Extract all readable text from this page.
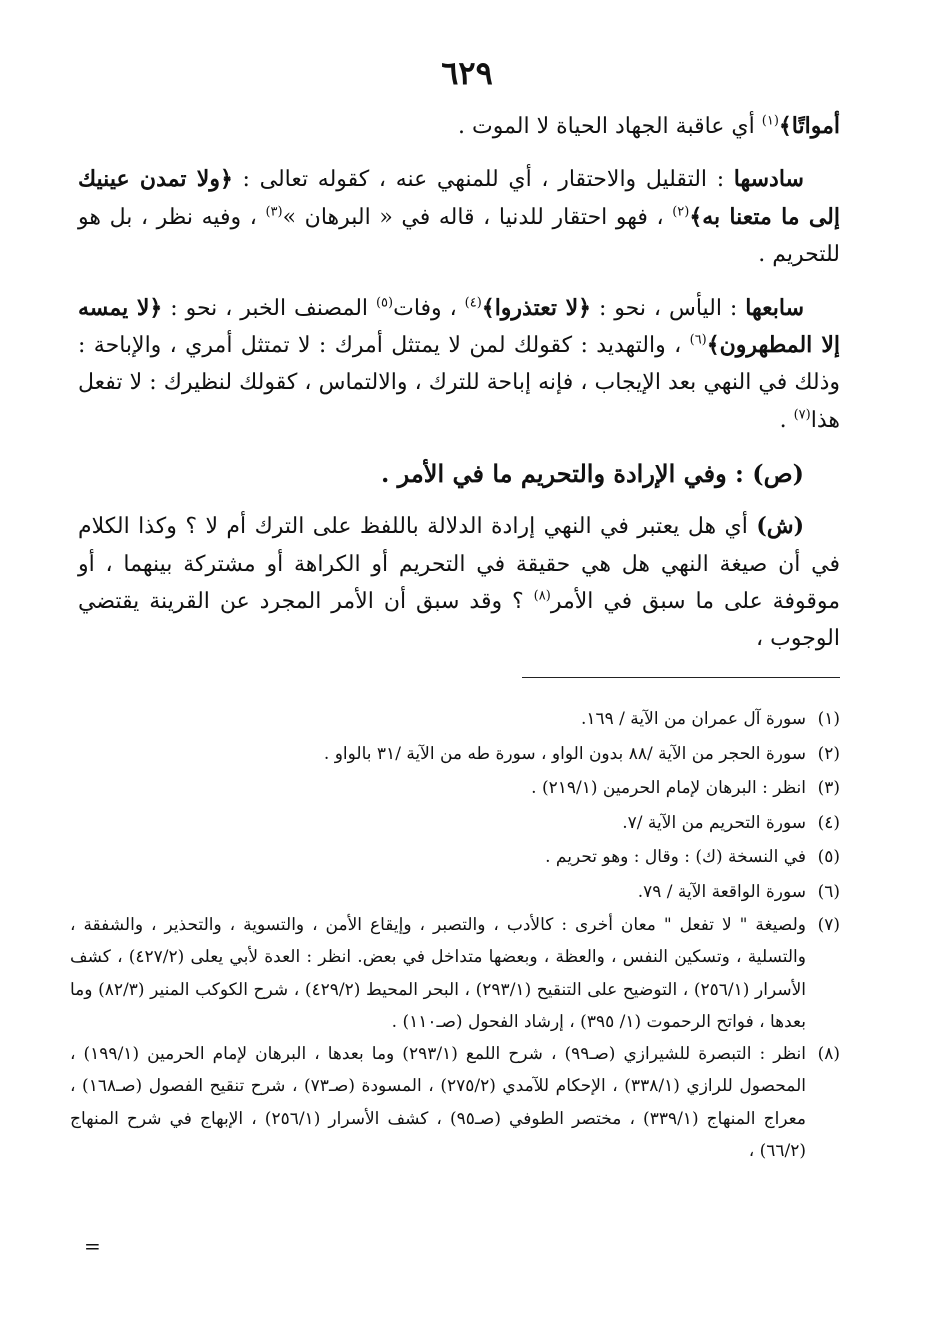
٦٢٩

أمواتًا﴾$^{(١)}$ أي عاقبة الجهاد الحياة لا الموت .

سادسها : التقليل والاحتقار ، أي للمنهي عنه ، كقوله تعالى : ﴿ولا تمدن عينيك إلى ما متعنا به﴾$^{(٢)}$ ، فهو احتقار للدنيا ، قاله في « البرهان »$^{(٣)}$ ، وفيه نظر ، بل هو للتحريم .

سابعها : اليأس ، نحو : ﴿لا تعتذروا﴾$^{(٤)}$ ، وفات$^{(٥)}$ المصنف الخبر ، نحو : ﴿لا يمسه إلا المطهرون﴾$^{(٦)}$ ، والتهديد : كقولك لمن لا يمتثل أمرك : لا تمتثل أمري ، والإباحة : وذلك في النهي بعد الإيجاب ، فإنه إباحة للترك ، والالتماس ، كقولك لنظيرك : لا تفعل هذا$^{(٧)}$ .

(ص) : وفي الإرادة والتحريم ما في الأمر .

(ش) أي هل يعتبر في النهي إرادة الدلالة باللفظ على الترك أم لا ؟ وكذا الكلام في أن صيغة النهي هل هي حقيقة في التحريم أو الكراهة أو مشتركة بينهما ، أو موقوفة على ما سبق في الأمر$^{(٨)}$ ؟ وقد سبق أن الأمر المجرد عن القرينة يقتضي الوجوب ،

(١)
سورة آل عمران من الآية / ١٦٩.

(٢)
سورة الحجر من الآية /٨٨ بدون الواو ، سورة طه من الآية /٣١ بالواو .

(٣)
انظر : البرهان لإمام الحرمين (٢١٩/١) .

(٤)
سورة التحريم من الآية /٧.

(٥)
في النسخة (ك) : وقال : وهو تحريم .

(٦)
سورة الواقعة الآية / ٧٩.

(٧)
ولصيغة " لا تفعل " معان أخرى : كالأدب ، والتصبر ، وإيقاع الأمن ، والتسوية ، والتحذير ، والشفقة ، والتسلية ، وتسكين النفس ، والعظة ، وبعضها متداخل في بعض. انظر : العدة لأبي يعلى (٤٢٧/٢) ، كشف الأسرار (٢٥٦/١) ، التوضيح على التنقيح (٢٩٣/١) ، البحر المحيط (٤٢٩/٢) ، شرح الكوكب المنير (٨٢/٣) وما بعدها ، فواتح الرحموت (١/ ٣٩٥) ، إرشاد الفحول (صـ١١٠) .

(٨)
انظر : التبصرة للشيرازي (صـ٩٩) ، شرح اللمع (٢٩٣/١) وما بعدها ، البرهان لإمام الحرمين (١٩٩/١) ، المحصول للرازي (٣٣٨/١) ، الإحكام للآمدي (٢٧٥/٢) ، المسودة (صـ٧٣) ، شرح تنقيح الفصول (صـ١٦٨) ، معراج المنهاج (٣٣٩/١) ، مختصر الطوفي (صـ٩٥) ، كشف الأسرار (٢٥٦/١) ، الإبهاج في شرح المنهاج (٦٦/٢) ،

=
